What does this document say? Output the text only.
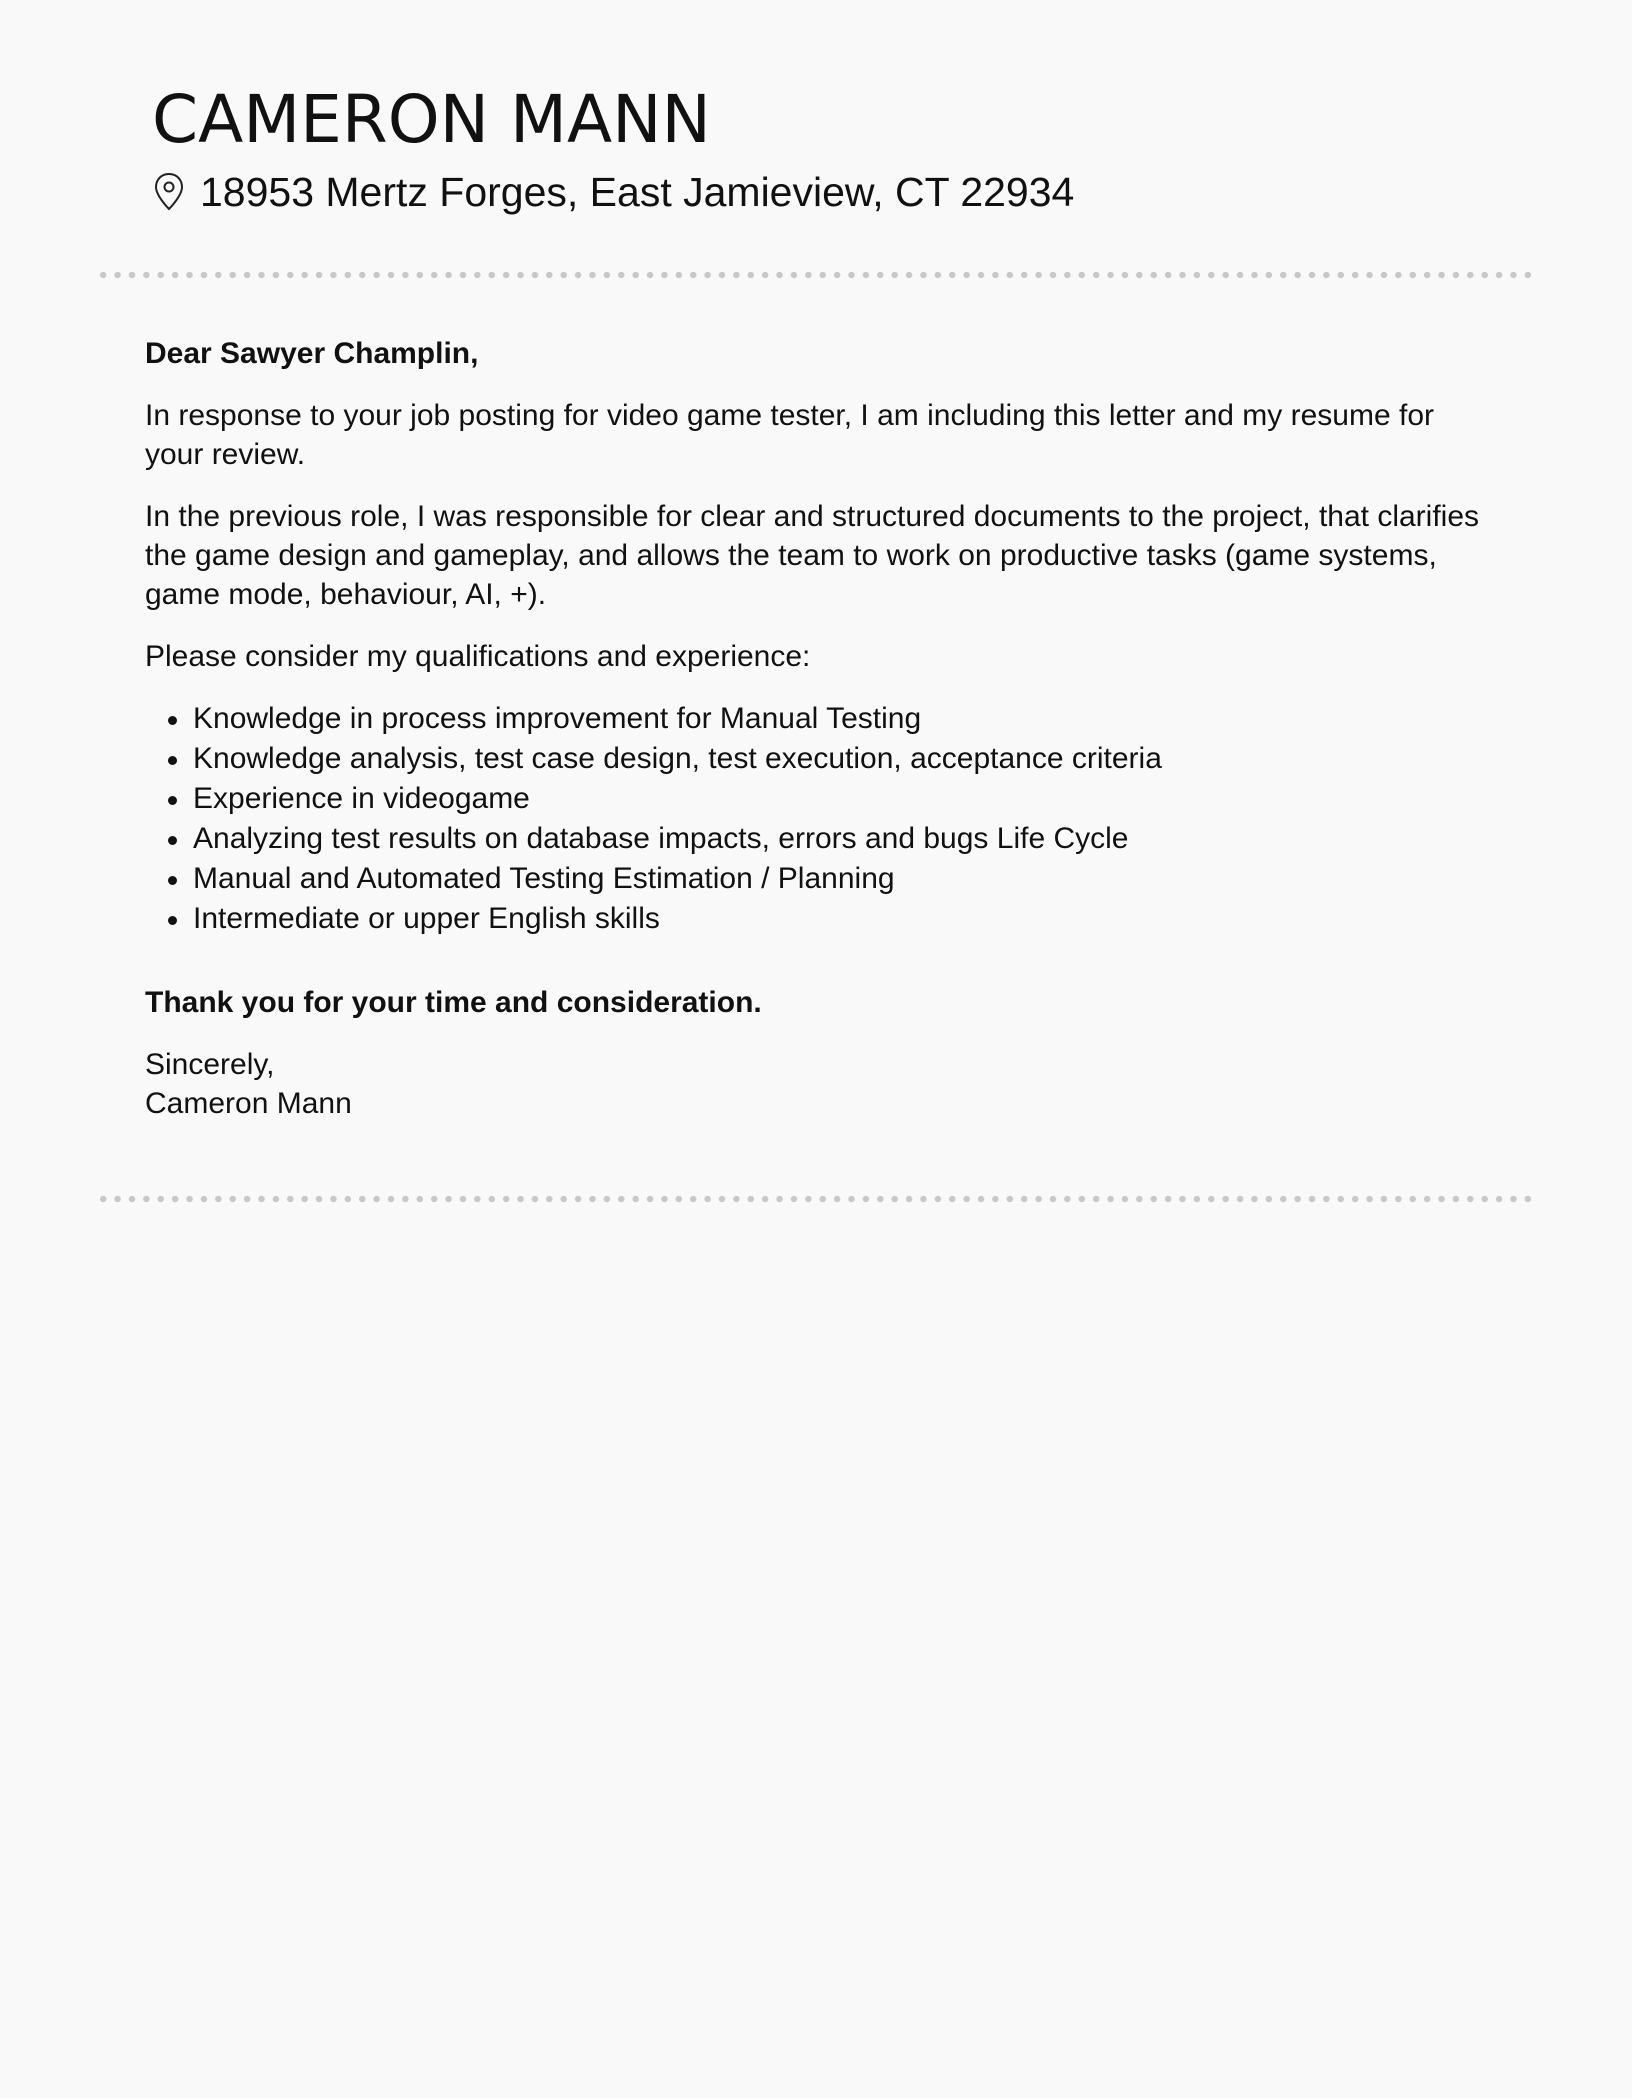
CAMERON MANN
18953 Mertz Forges, East Jamieview, CT 22934

Dear Sawyer Champlin,

In response to your job posting for video game tester, I am including this letter and my resume for your review.

In the previous role, I was responsible for clear and structured documents to the project, that clarifies the game design and gameplay, and allows the team to work on productive tasks (game systems, game mode, behaviour, AI, +).

Please consider my qualifications and experience:

Knowledge in process improvement for Manual Testing
Knowledge analysis, test case design, test execution, acceptance criteria
Experience in videogame
Analyzing test results on database impacts, errors and bugs Life Cycle
Manual and Automated Testing Estimation / Planning
Intermediate or upper English skills

Thank you for your time and consideration.

Sincerely,
Cameron Mann
